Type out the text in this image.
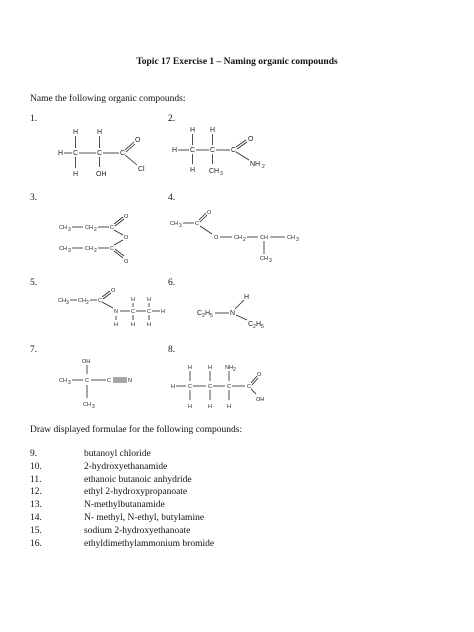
Topic 17 Exercise 1 – Naming organic compounds
Name the following organic compounds:
1.
H	H
H C	C	C
O
Cl
H	OH
2.
H H
H C C C
O
NH 2
H CH 3
3.
CH 3	CH 2 C
O
O
CH 3	CH 2 C
O
4.
CH 3 C
O
O	CH 2	CH	CH 3
CH 3
5.
CH 3 CH 2 C
O
N C C H
H H
H H
H
6.
H
C 2 H 5 N
C 2 H 5
7.
OH
CH 3	C	C	N
CH 3
8.
H	H NH 2
H C	C	C	C
O
OH
H	H	H
Draw displayed formulae for the following compounds:
9.	butanoyl chloride
10.	2-hydroxyethanamide
11.	ethanoic butanoic anhydride
12.	ethyl 2-hydroxypropanoate
13.	N-methylbutanamide
14.	N- methyl, N-ethyl, butylamine
15.	sodium 2-hydroxyethanoate
16.	ethyldimethylammonium bromide
